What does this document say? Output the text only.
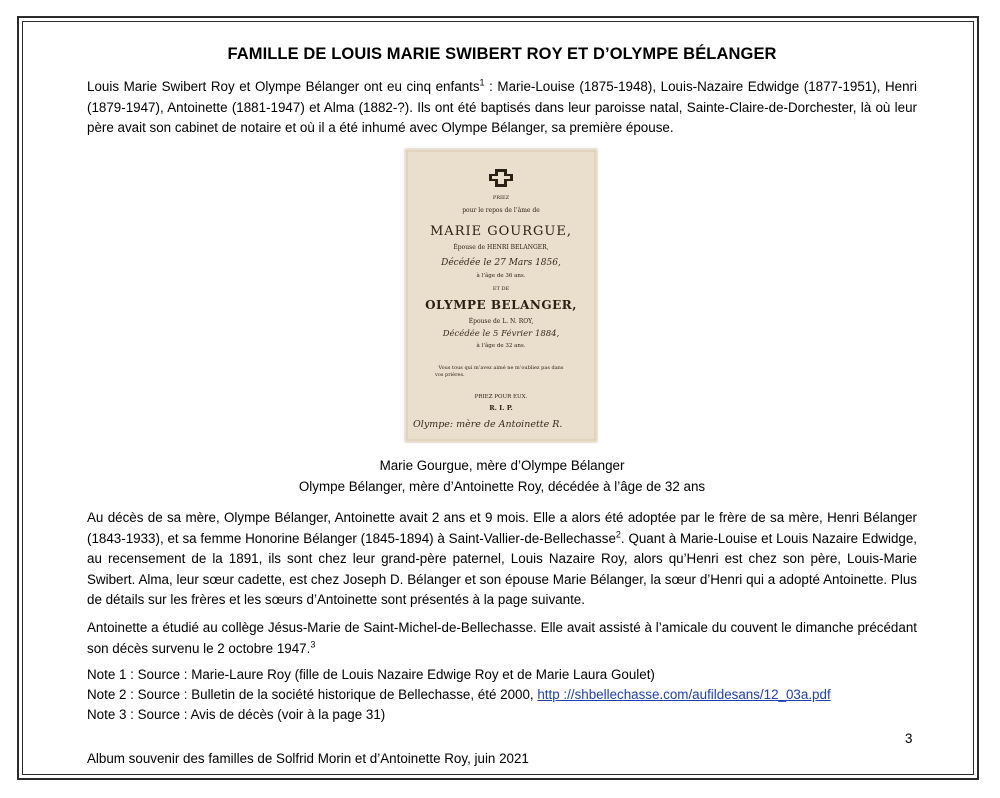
FAMILLE DE LOUIS MARIE SWIBERT ROY ET D’OLYMPE BÉLANGER

Louis Marie Swibert Roy et Olympe Bélanger ont eu cinq enfants$^1$ : Marie-Louise (1875-1948), Louis-Nazaire Edwidge (1877-1951), Henri (1879-1947), Antoinette (1881-1947) et Alma (1882-?). Ils ont été baptisés dans leur paroisse natal, Sainte-Claire-de-Dorchester, là où leur père avait son cabinet de notaire et où il a été inhumé avec Olympe Bélanger, sa première épouse.

PRIEZ
pour le repos de l’âme de
MARIE GOURGUE,
Épouse de HENRI BELANGER,
Décédée le 27 Mars 1856,
à l’âge de 36 ans.
ET DE
OLYMPE BELANGER,
Épouse de L. N. ROY,
Décédée le 5 Février 1884,
à l’âge de 32 ans.
Vous tous qui m’avez aimé ne m’oubliez pas dans
vos prières.
PRIEZ POUR EUX.
R. I. P.
Olympe: mère de Antoinette R.
Marie Gourgue, mère d’Olympe Bélanger
Olympe Bélanger, mère d’Antoinette Roy, décédée à l’âge de 32 ans

Au décès de sa mère, Olympe Bélanger, Antoinette avait 2 ans et 9 mois. Elle a alors été adoptée par le frère de sa mère, Henri Bélanger (1843-1933), et sa femme Honorine Bélanger (1845-1894) à Saint-Vallier-de-Bellechasse$^2$. Quant à Marie-Louise et Louis Nazaire Edwidge, au recensement de la 1891, ils sont chez leur grand-père paternel, Louis Nazaire Roy, alors qu’Henri est chez son père, Louis-Marie Swibert. Alma, leur sœur cadette, est chez Joseph D. Bélanger et son épouse Marie Bélanger, la sœur d’Henri qui a adopté Antoinette. Plus de détails sur les frères et les sœurs d’Antoinette sont présentés à la page suivante.

Antoinette a étudié au collège Jésus-Marie de Saint-Michel-de-Bellechasse. Elle avait assisté à l’amicale du couvent le dimanche précédant son décès survenu le 2 octobre 1947.$^3$

Note 1 : Source : Marie-Laure Roy (fille de Louis Nazaire Edwige Roy et de Marie Laura Goulet)
Note 2 : Source : Bulletin de la société historique de Bellechasse, été 2000, http ://shbellechasse.com/aufildesans/12_03a.pdf
Note 3 : Source : Avis de décès (voir à la page 31)
3
Album souvenir des familles de Solfrid Morin et d’Antoinette Roy, juin 2021
